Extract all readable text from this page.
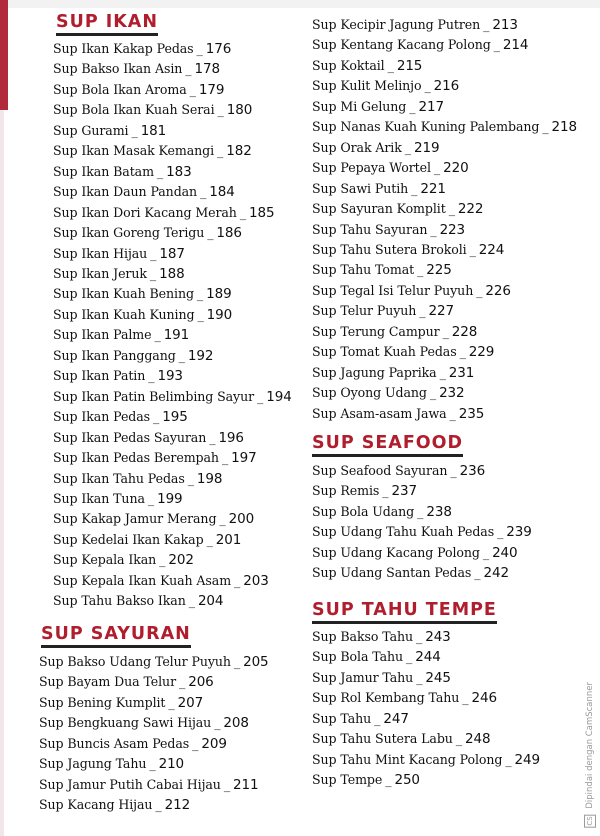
SUP IKAN
Sup Ikan Kakap Pedas _ 176
Sup Bakso Ikan Asin _ 178
Sup Bola Ikan Aroma _ 179
Sup Bola Ikan Kuah Serai _ 180
Sup Gurami _ 181
Sup Ikan Masak Kemangi _ 182
Sup Ikan Batam _ 183
Sup Ikan Daun Pandan _ 184
Sup Ikan Dori Kacang Merah _ 185
Sup Ikan Goreng Terigu _ 186
Sup Ikan Hijau _ 187
Sup Ikan Jeruk _ 188
Sup Ikan Kuah Bening _ 189
Sup Ikan Kuah Kuning _ 190
Sup Ikan Palme _ 191
Sup Ikan Panggang _ 192
Sup Ikan Patin _ 193
Sup Ikan Patin Belimbing Sayur _ 194
Sup Ikan Pedas _ 195
Sup Ikan Pedas Sayuran _ 196
Sup Ikan Pedas Berempah _ 197
Sup Ikan Tahu Pedas _ 198
Sup Ikan Tuna _ 199
Sup Kakap Jamur Merang _ 200
Sup Kedelai Ikan Kakap _ 201
Sup Kepala Ikan _ 202
Sup Kepala Ikan Kuah Asam _ 203
Sup Tahu Bakso Ikan _ 204
SUP SAYURAN
Sup Bakso Udang Telur Puyuh _ 205
Sup Bayam Dua Telur _ 206
Sup Bening Kumplit _ 207
Sup Bengkuang Sawi Hijau _ 208
Sup Buncis Asam Pedas _ 209
Sup Jagung Tahu _ 210
Sup Jamur Putih Cabai Hijau _ 211
Sup Kacang Hijau _ 212
Sup Kecipir Jagung Putren _ 213
Sup Kentang Kacang Polong _ 214
Sup Koktail _ 215
Sup Kulit Melinjo _ 216
Sup Mi Gelung _ 217
Sup Nanas Kuah Kuning Palembang _ 218
Sup Orak Arik _ 219
Sup Pepaya Wortel _ 220
Sup Sawi Putih _ 221
Sup Sayuran Komplit _ 222
Sup Tahu Sayuran _ 223
Sup Tahu Sutera Brokoli _ 224
Sup Tahu Tomat _ 225
Sup Tegal Isi Telur Puyuh _ 226
Sup Telur Puyuh _ 227
Sup Terung Campur _ 228
Sup Tomat Kuah Pedas _ 229
Sup Jagung Paprika _ 231
Sup Oyong Udang _ 232
Sup Asam-asam Jawa _ 235
SUP SEAFOOD
Sup Seafood Sayuran _ 236
Sup Remis _ 237
Sup Bola Udang _ 238
Sup Udang Tahu Kuah Pedas _ 239
Sup Udang Kacang Polong _ 240
Sup Udang Santan Pedas _ 242
SUP TAHU TEMPE
Sup Bakso Tahu _ 243
Sup Bola Tahu _ 244
Sup Jamur Tahu _ 245
Sup Rol Kembang Tahu _ 246
Sup Tahu _ 247
Sup Tahu Sutera Labu _ 248
Sup Tahu Mint Kacang Polong _ 249
Sup Tempe _ 250
CS Dipindai dengan CamScanner
